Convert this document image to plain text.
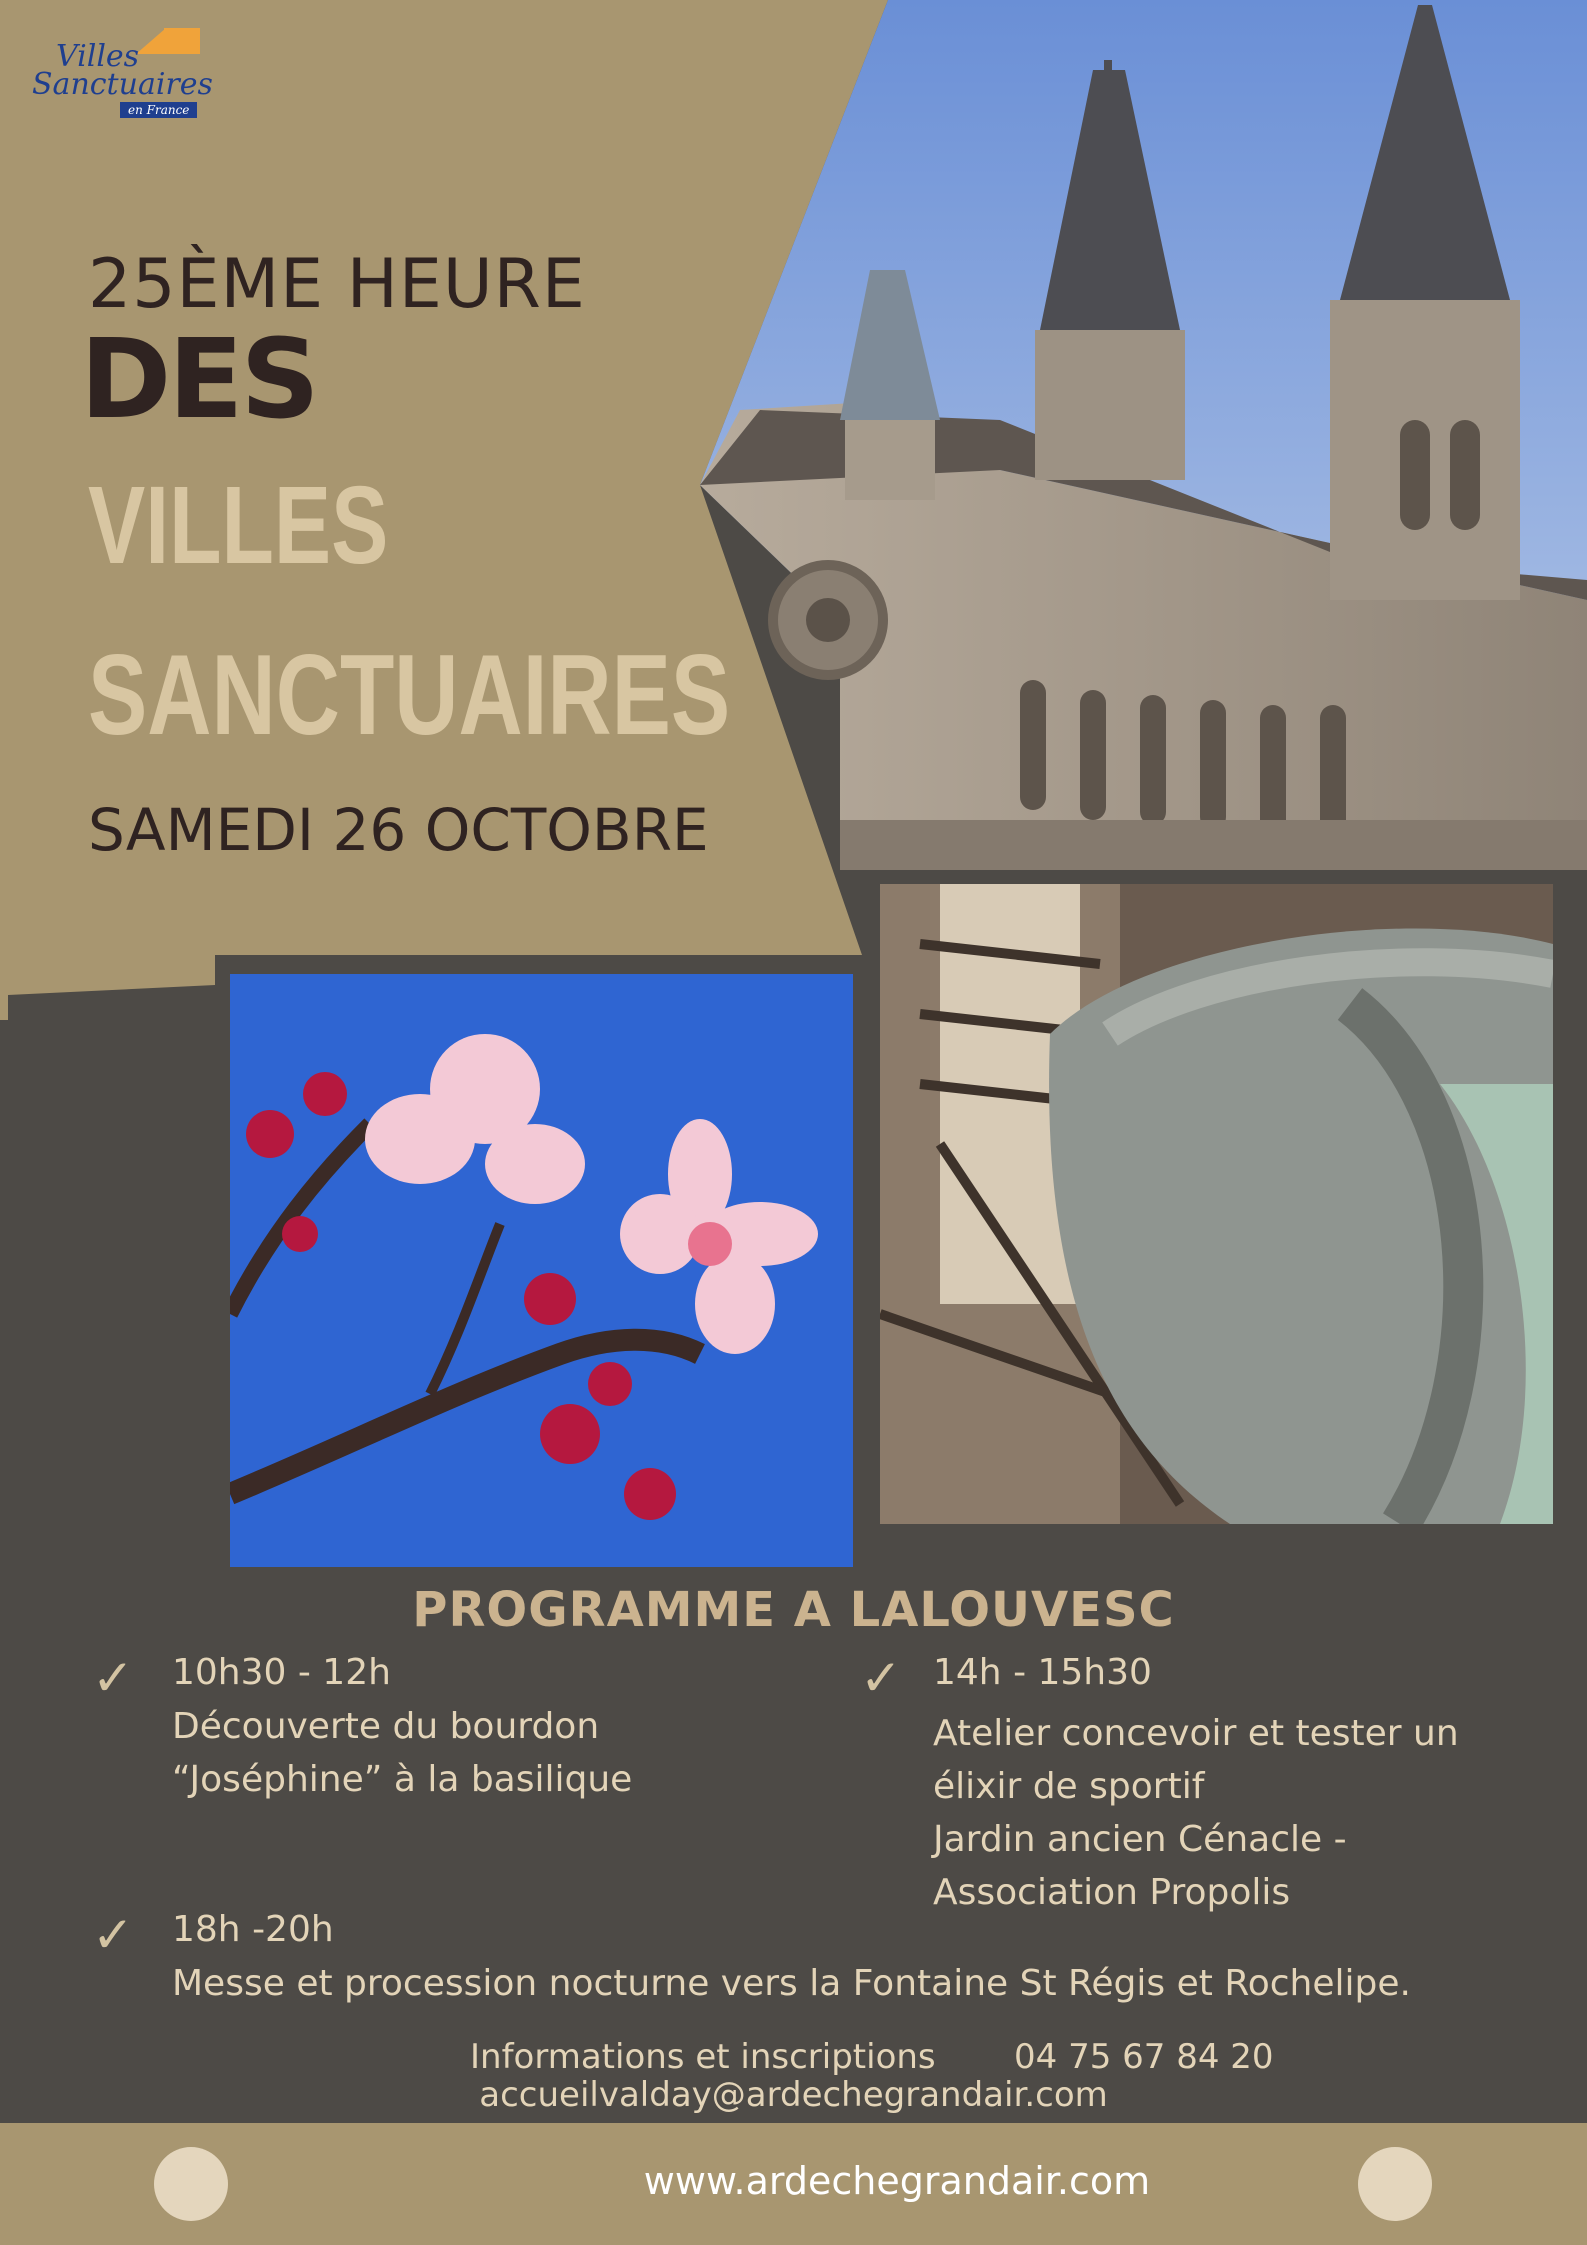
Villes
Sanctuaires
en France
25ÈME HEURE
DES
VILLES
SANCTUAIRES
SAMEDI 26 OCTOBRE
PROGRAMME A LALOUVESC
✓ 10h30 - 12h
Découverte du bourdon
“Joséphine” à la basilique
✓ 14h - 15h30
Atelier concevoir et tester un
élixir de sportif
Jardin ancien Cénacle -
Association Propolis
✓ 18h -20h
Messe et procession nocturne vers la Fontaine St Régis et Rochelipe.
Informations et inscriptions 04 75 67 84 20
accueilvalday@ardechegrandair.com
www.ardechegrandair.com
